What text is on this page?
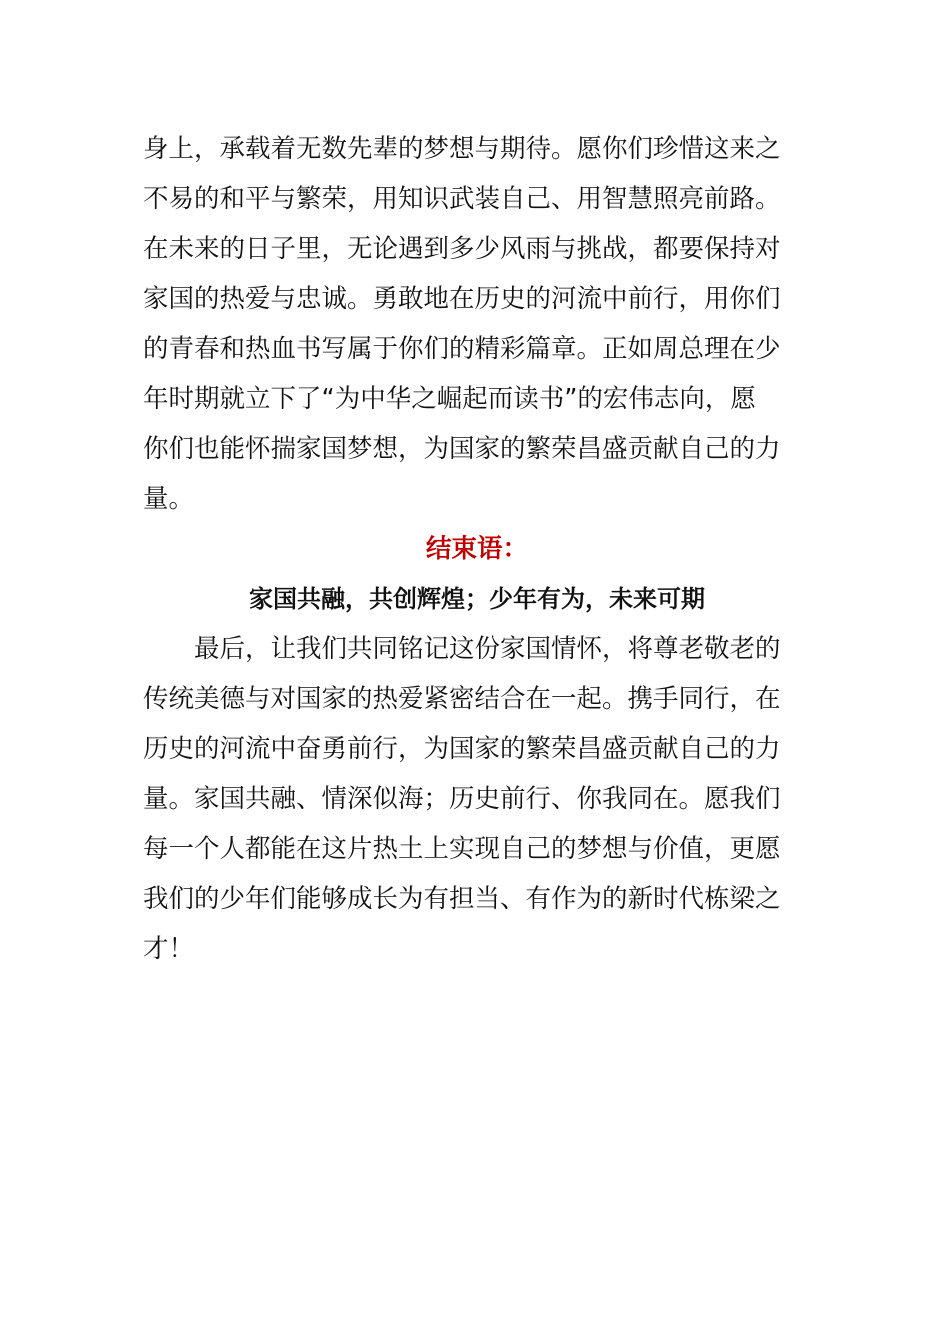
身上，承载着无数先辈的梦想与期待。愿你们珍惜这来之
不易的和平与繁荣，用知识武装自己、用智慧照亮前路。
在未来的日子里，无论遇到多少风雨与挑战，都要保持对
家国的热爱与忠诚。勇敢地在历史的河流中前行，用你们
的青春和热血书写属于你们的精彩篇章。正如周总理在少
年时期就立下了“为中华之崛起而读书”的宏伟志向，愿
你们也能怀揣家国梦想，为国家的繁荣昌盛贡献自己的力
量。

结束语：
家国共融，共创辉煌；少年有为，未来可期

最后，让我们共同铭记这份家国情怀，将尊老敬老的
传统美德与对国家的热爱紧密结合在一起。携手同行，在
历史的河流中奋勇前行，为国家的繁荣昌盛贡献自己的力
量。家国共融、情深似海；历史前行、你我同在。愿我们
每一个人都能在这片热土上实现自己的梦想与价值，更愿
我们的少年们能够成长为有担当、有作为的新时代栋梁之
才！
